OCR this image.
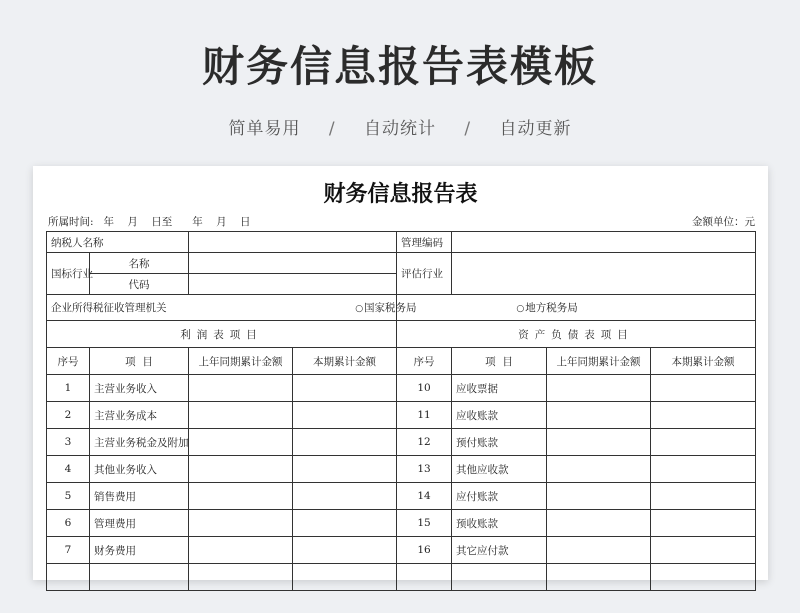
财务信息报告表模板
简单易用 / 自动统计 / 自动更新
财务信息报告表
所属时间:   年    月    日至      年    月    日	金额单位：元
纳税人名称				管理编码			
国标行业	名称			评估行业			
	代码						
企业所得税征收管理机关 ○国家税务局				○地方税务局			
利润表项目				资产负债表项目			
序号	项  目	上年同期累计金额	本期累计金额	序号	项  目	上年同期累计金额	本期累计金额
1	主营业务收入			10	应收票据		
2	主营业务成本			11	应收账款		
3	主营业务税金及附加			12	预付账款		
4	其他业务收入			13	其他应收款		
5	销售费用			14	应付账款		
6	管理费用			15	预收账款		
7	财务费用			16	其它应付款		
